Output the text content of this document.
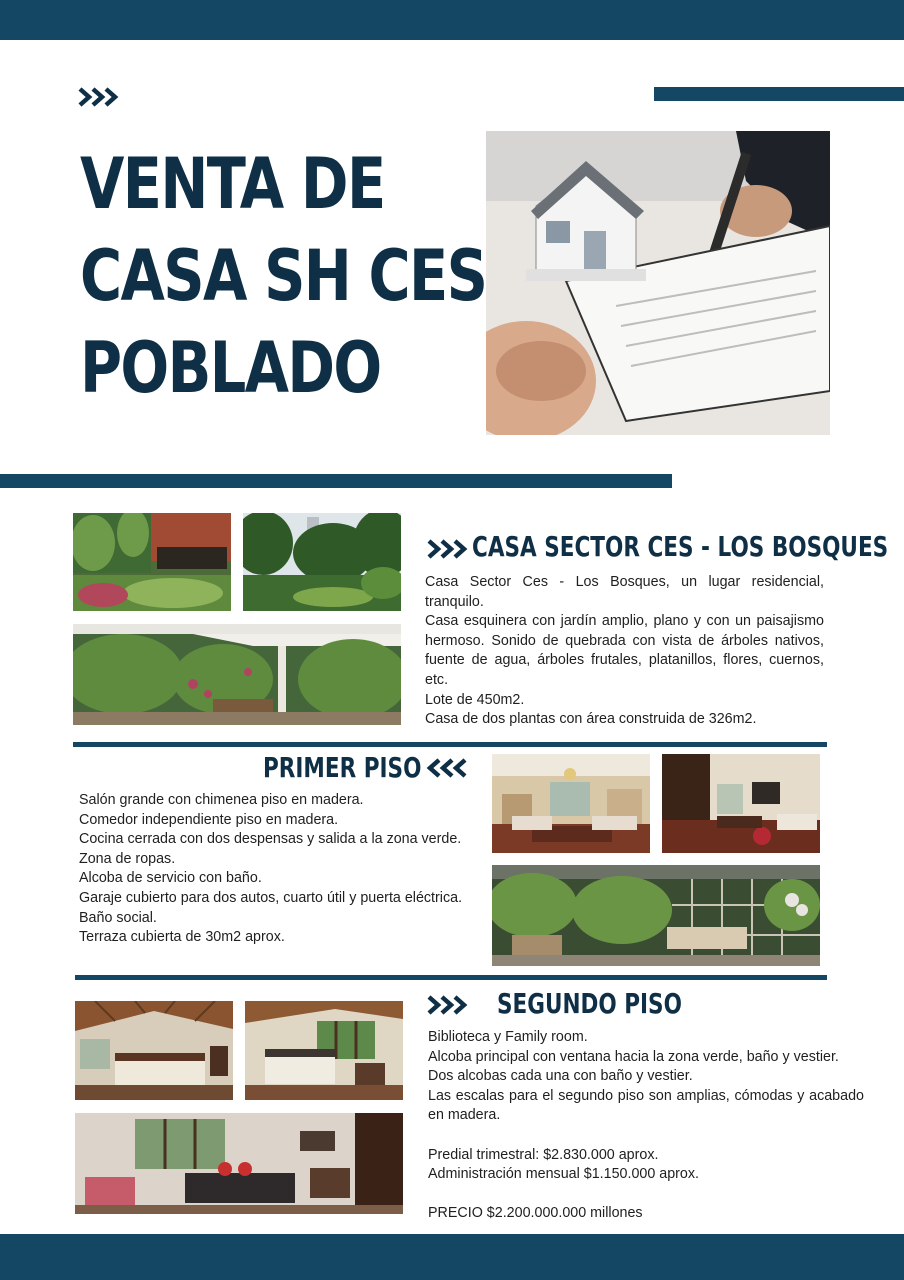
VENTA DE
CASA SH CES
POBLADO
CASA SECTOR CES - LOS BOSQUES

Casa Sector Ces - Los Bosques, un lugar residencial, tranquilo.

Casa esquinera con jardín amplio, plano y con un paisajismo hermoso. Sonido de quebrada con vista de árboles nativos, fuente de agua, árboles frutales, platanillos, flores, cuernos, etc.

Lote de 450m2.

Casa de dos plantas con área construida de 326m2.

PRIMER PISO

Salón grande con chimenea piso en madera.

Comedor independiente piso en madera.

Cocina cerrada con dos despensas y salida a la zona verde.

Zona de ropas.

Alcoba de servicio con baño.

Garaje cubierto para dos autos, cuarto útil y puerta eléctrica.

Baño social.

Terraza cubierta de 30m2 aprox.

SEGUNDO PISO

Biblioteca y Family room.

Alcoba principal con ventana hacia la zona verde, baño y vestier.

Dos alcobas cada una con baño y vestier.

Las escalas para el segundo piso son amplias, cómodas y acabado en madera.

Predial trimestral: $2.830.000 aprox.

Administración mensual $1.150.000 aprox.

PRECIO $2.200.000.000 millones
